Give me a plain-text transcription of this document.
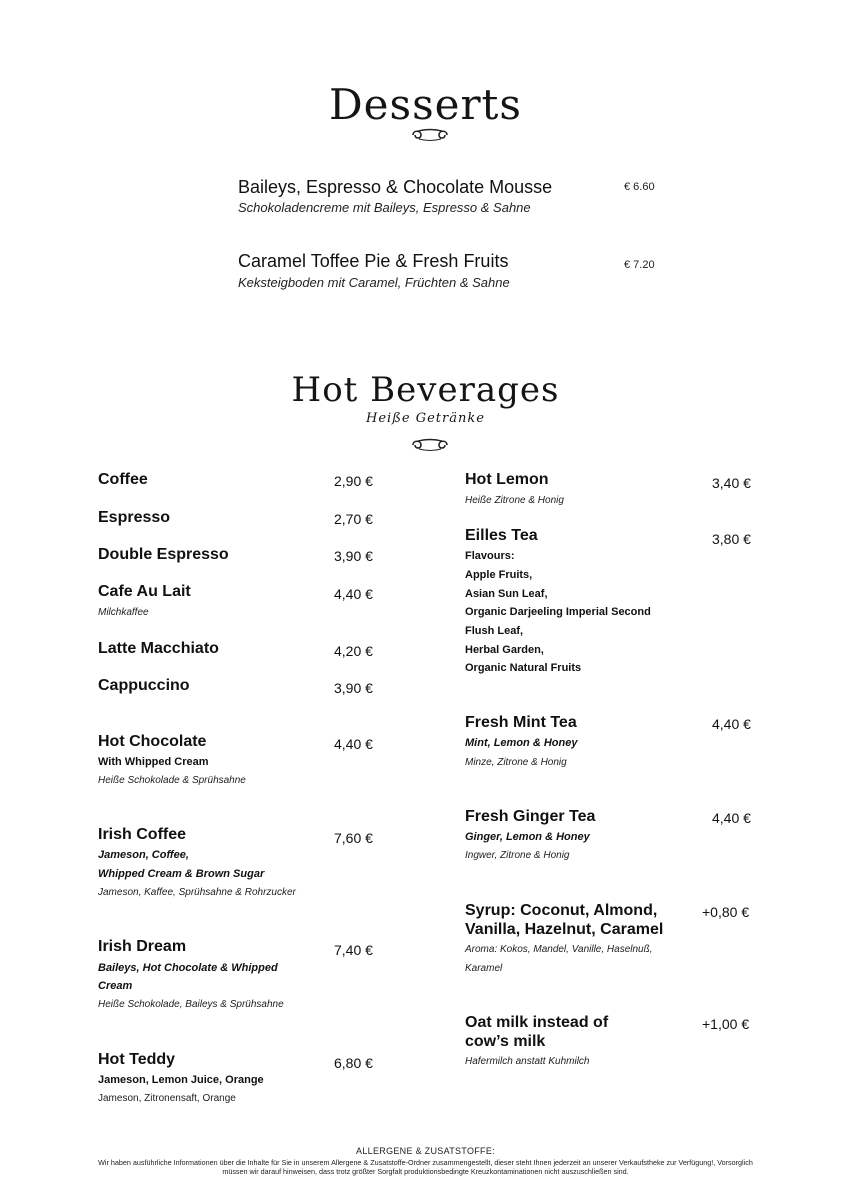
Desserts
Baileys, Espresso & Chocolate Mousse
Schokoladencreme mit Baileys, Espresso & Sahne
€ 6.60
Caramel Toffee Pie & Fresh Fruits
Keksteigboden mit Caramel, Früchten & Sahne
€ 7.20
Hot Beverages
Heiße Getränke
Coffee	2,90 €
Espresso	2,70 €
Double Espresso	3,90 €
Cafe Au Lait	4,40 €
Milchkaffee
Latte Macchiato	4,20 €
Cappuccino	3,90 €
Hot Chocolate	4,40 €
With Whipped Cream
Heiße Schokolade & Sprühsahne
Irish Coffee	7,60 €
Jameson, Coffee,
Whipped Cream & Brown Sugar
Jameson, Kaffee, Sprühsahne & Rohrzucker
Irish Dream	7,40 €
Baileys, Hot Chocolate & Whipped
Cream
Heiße Schokolade, Baileys & Sprühsahne
Hot Teddy	6,80 €
Jameson, Lemon Juice, Orange
Jameson, Zitronensaft, Orange
Hot Lemon	3,40 €
Heiße Zitrone & Honig
Eilles Tea	3,80 €
Flavours:
Apple Fruits,
Asian Sun Leaf,
Organic Darjeeling Imperial Second
Flush Leaf,
Herbal Garden,
Organic Natural Fruits
Fresh Mint Tea	4,40 €
Mint, Lemon & Honey
Minze, Zitrone & Honig
Fresh Ginger Tea	4,40 €
Ginger, Lemon & Honey
Ingwer, Zitrone & Honig
Syrup: Coconut, Almond,
Vanilla, Hazelnut, Caramel
+0,80 €
Aroma: Kokos, Mandel, Vanille, Haselnuß,
Karamel
Oat milk instead of
cow’s milk
+1,00 €
Hafermilch anstatt Kuhmilch
ALLERGENE & ZUSATSTOFFE:
Wir haben ausführliche Informationen über die Inhalte für Sie in unserem Allergene & Zusatstoffe-Ordner zusammengestellt, dieser steht Ihnen jederzeit an unserer Verkaufstheke zur Verfügung!, Vorsorglich müssen wir darauf hinweisen, dass trotz größter Sorgfalt produktionsbedingte Kreuzkontaminationen nicht auszuschließen sind.
